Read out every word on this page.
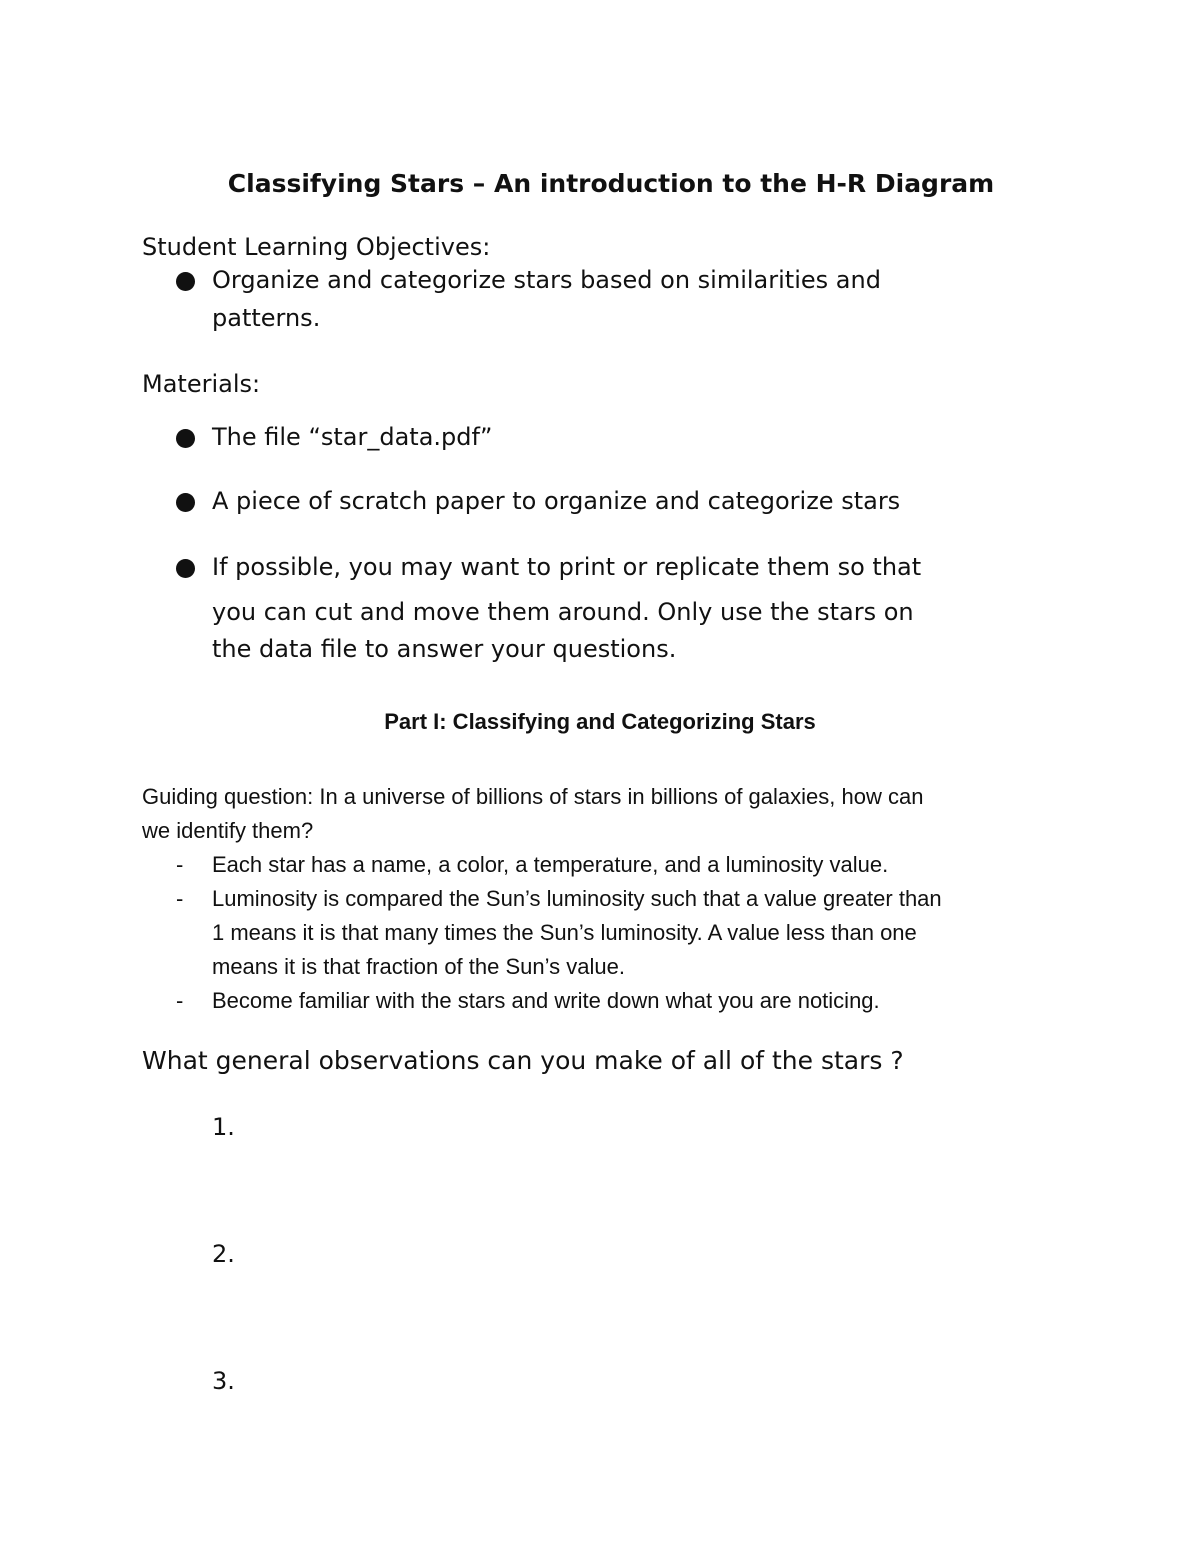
Classifying Stars – An introduction to the H-R Diagram
Student Learning Objectives:
Organize and categorize stars based on similarities and
patterns.
Materials:
The file “star_data.pdf”
A piece of scratch paper to organize and categorize stars
If possible, you may want to print or replicate them so that
you can cut and move them around. Only use the stars on
the data file to answer your questions.
Part I: Classifying and Categorizing Stars
Guiding question: In a universe of billions of stars in billions of galaxies, how can
we identify them?
- Each star has a name, a color, a temperature, and a luminosity value.
- Luminosity is compared the Sun’s luminosity such that a value greater than
1 means it is that many times the Sun’s luminosity. A value less than one
means it is that fraction of the Sun’s value.
- Become familiar with the stars and write down what you are noticing.
What general observations can you make of all of the stars ?
1.
2.
3.
